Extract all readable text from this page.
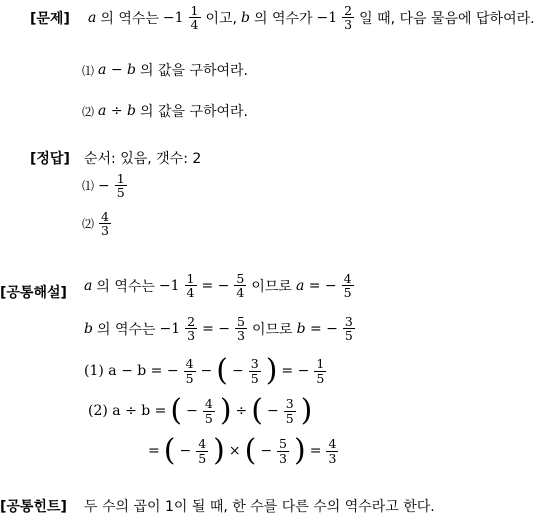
[문제] a 의 역수는 $-1 \frac{1}{4}$ 이고, b 의 역수가 $-1 \frac{2}{3}$ 일 때, 다음 물음에 답하여라.
⑴ a − b 의 값을 구하여라.
⑵ a ÷ b 의 값을 구하여라.
[정답] 순서: 있음, 갯수: 2
⑴ − $\frac{1}{5}$
⑵ $\frac{4}{3}$
[공통해설] a 의 역수는 $-1 \frac{1}{4}$ = − $\frac{5}{4}$ 이므로 a = − $\frac{4}{5}$
b 의 역수는 $-1 \frac{2}{3}$ = − $\frac{5}{3}$ 이므로 b = − $\frac{3}{5}$
(1) a − b = − $\frac{4}{5}$ − ( − $\frac{3}{5}$ ) = − $\frac{1}{5}$
(2) a ÷ b = ( − $\frac{4}{5}$ ) ÷ ( − $\frac{3}{5}$ )
= ( − $\frac{4}{5}$ ) × ( − $\frac{5}{3}$ ) = $\frac{4}{3}$
[공통힌트] 두 수의 곱이 1이 될 때, 한 수를 다른 수의 역수라고 한다.
